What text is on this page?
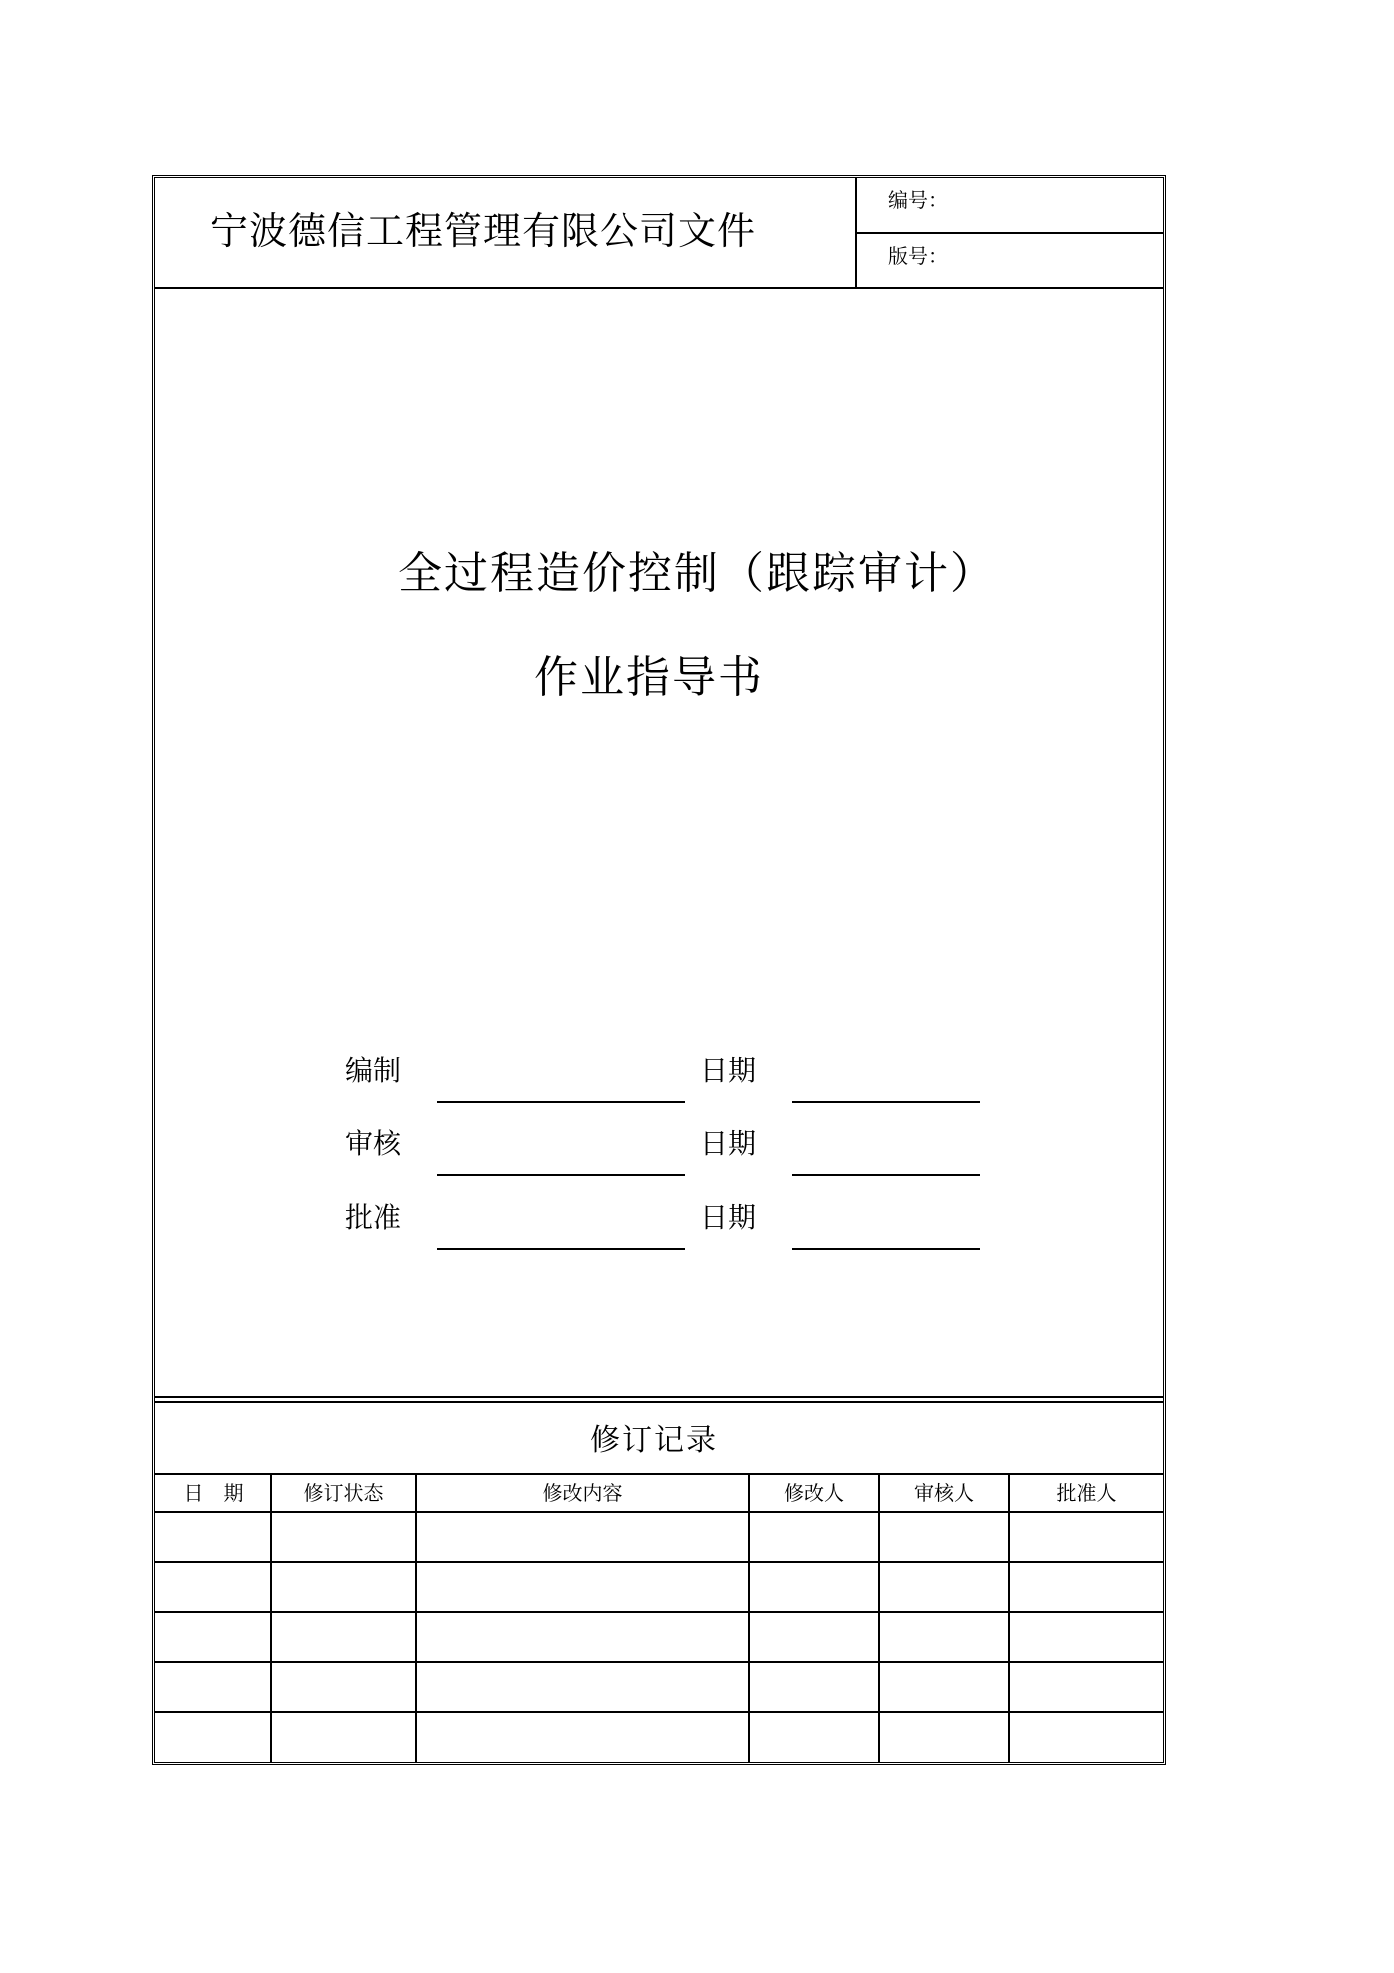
宁波德信工程管理有限公司文件
编号：
版号：
全过程造价控制（跟踪审计）
作业指导书
编制	日期
审核	日期
批准	日期
修订记录
日　期	修订状态	修改内容	修改人	审核人	批准人
